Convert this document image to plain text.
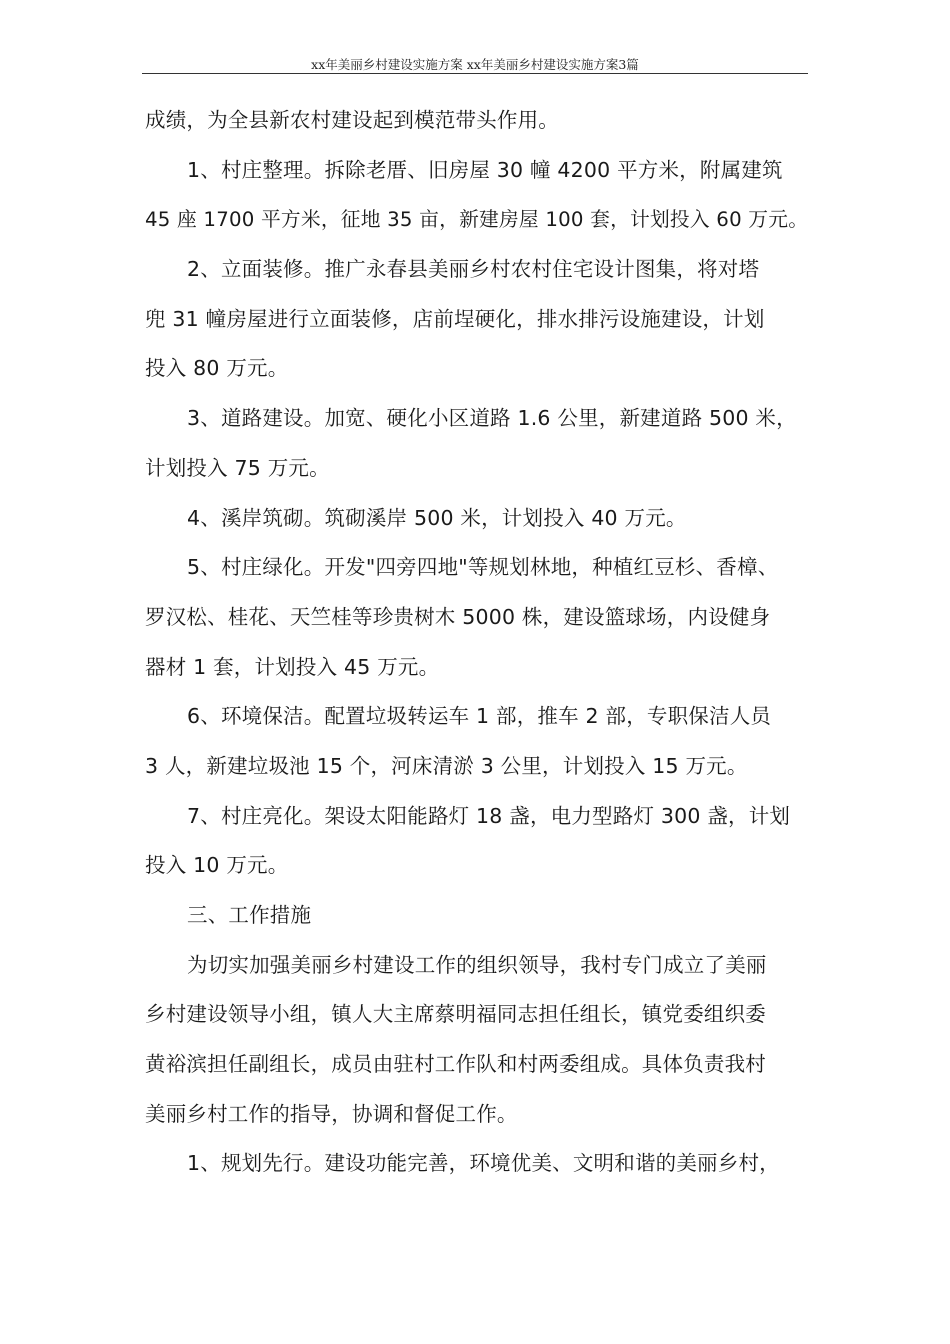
xx年美丽乡村建设实施方案 xx年美丽乡村建设实施方案3篇
成绩，为全县新农村建设起到模范带头作用。
1、村庄整理。拆除老厝、旧房屋 30 幢 4200 平方米，附属建筑
45 座 1700 平方米，征地 35 亩，新建房屋 100 套，计划投入 60 万元。
2、立面装修。推广永春县美丽乡村农村住宅设计图集，将对塔
兜 31 幢房屋进行立面装修，店前埕硬化，排水排污设施建设，计划
投入 80 万元。
3、道路建设。加宽、硬化小区道路 1.6 公里，新建道路 500 米，
计划投入 75 万元。
4、溪岸筑砌。筑砌溪岸 500 米，计划投入 40 万元。
5、村庄绿化。开发"四旁四地"等规划林地，种植红豆杉、香樟、
罗汉松、桂花、天竺桂等珍贵树木 5000 株，建设篮球场，内设健身
器材 1 套，计划投入 45 万元。
6、环境保洁。配置垃圾转运车 1 部，推车 2 部，专职保洁人员
3 人，新建垃圾池 15 个，河床清淤 3 公里，计划投入 15 万元。
7、村庄亮化。架设太阳能路灯 18 盏，电力型路灯 300 盏，计划
投入 10 万元。
三、工作措施
为切实加强美丽乡村建设工作的组织领导，我村专门成立了美丽
乡村建设领导小组，镇人大主席蔡明福同志担任组长，镇党委组织委
黄裕滨担任副组长，成员由驻村工作队和村两委组成。具体负责我村
美丽乡村工作的指导，协调和督促工作。
1、规划先行。建设功能完善，环境优美、文明和谐的美丽乡村，
